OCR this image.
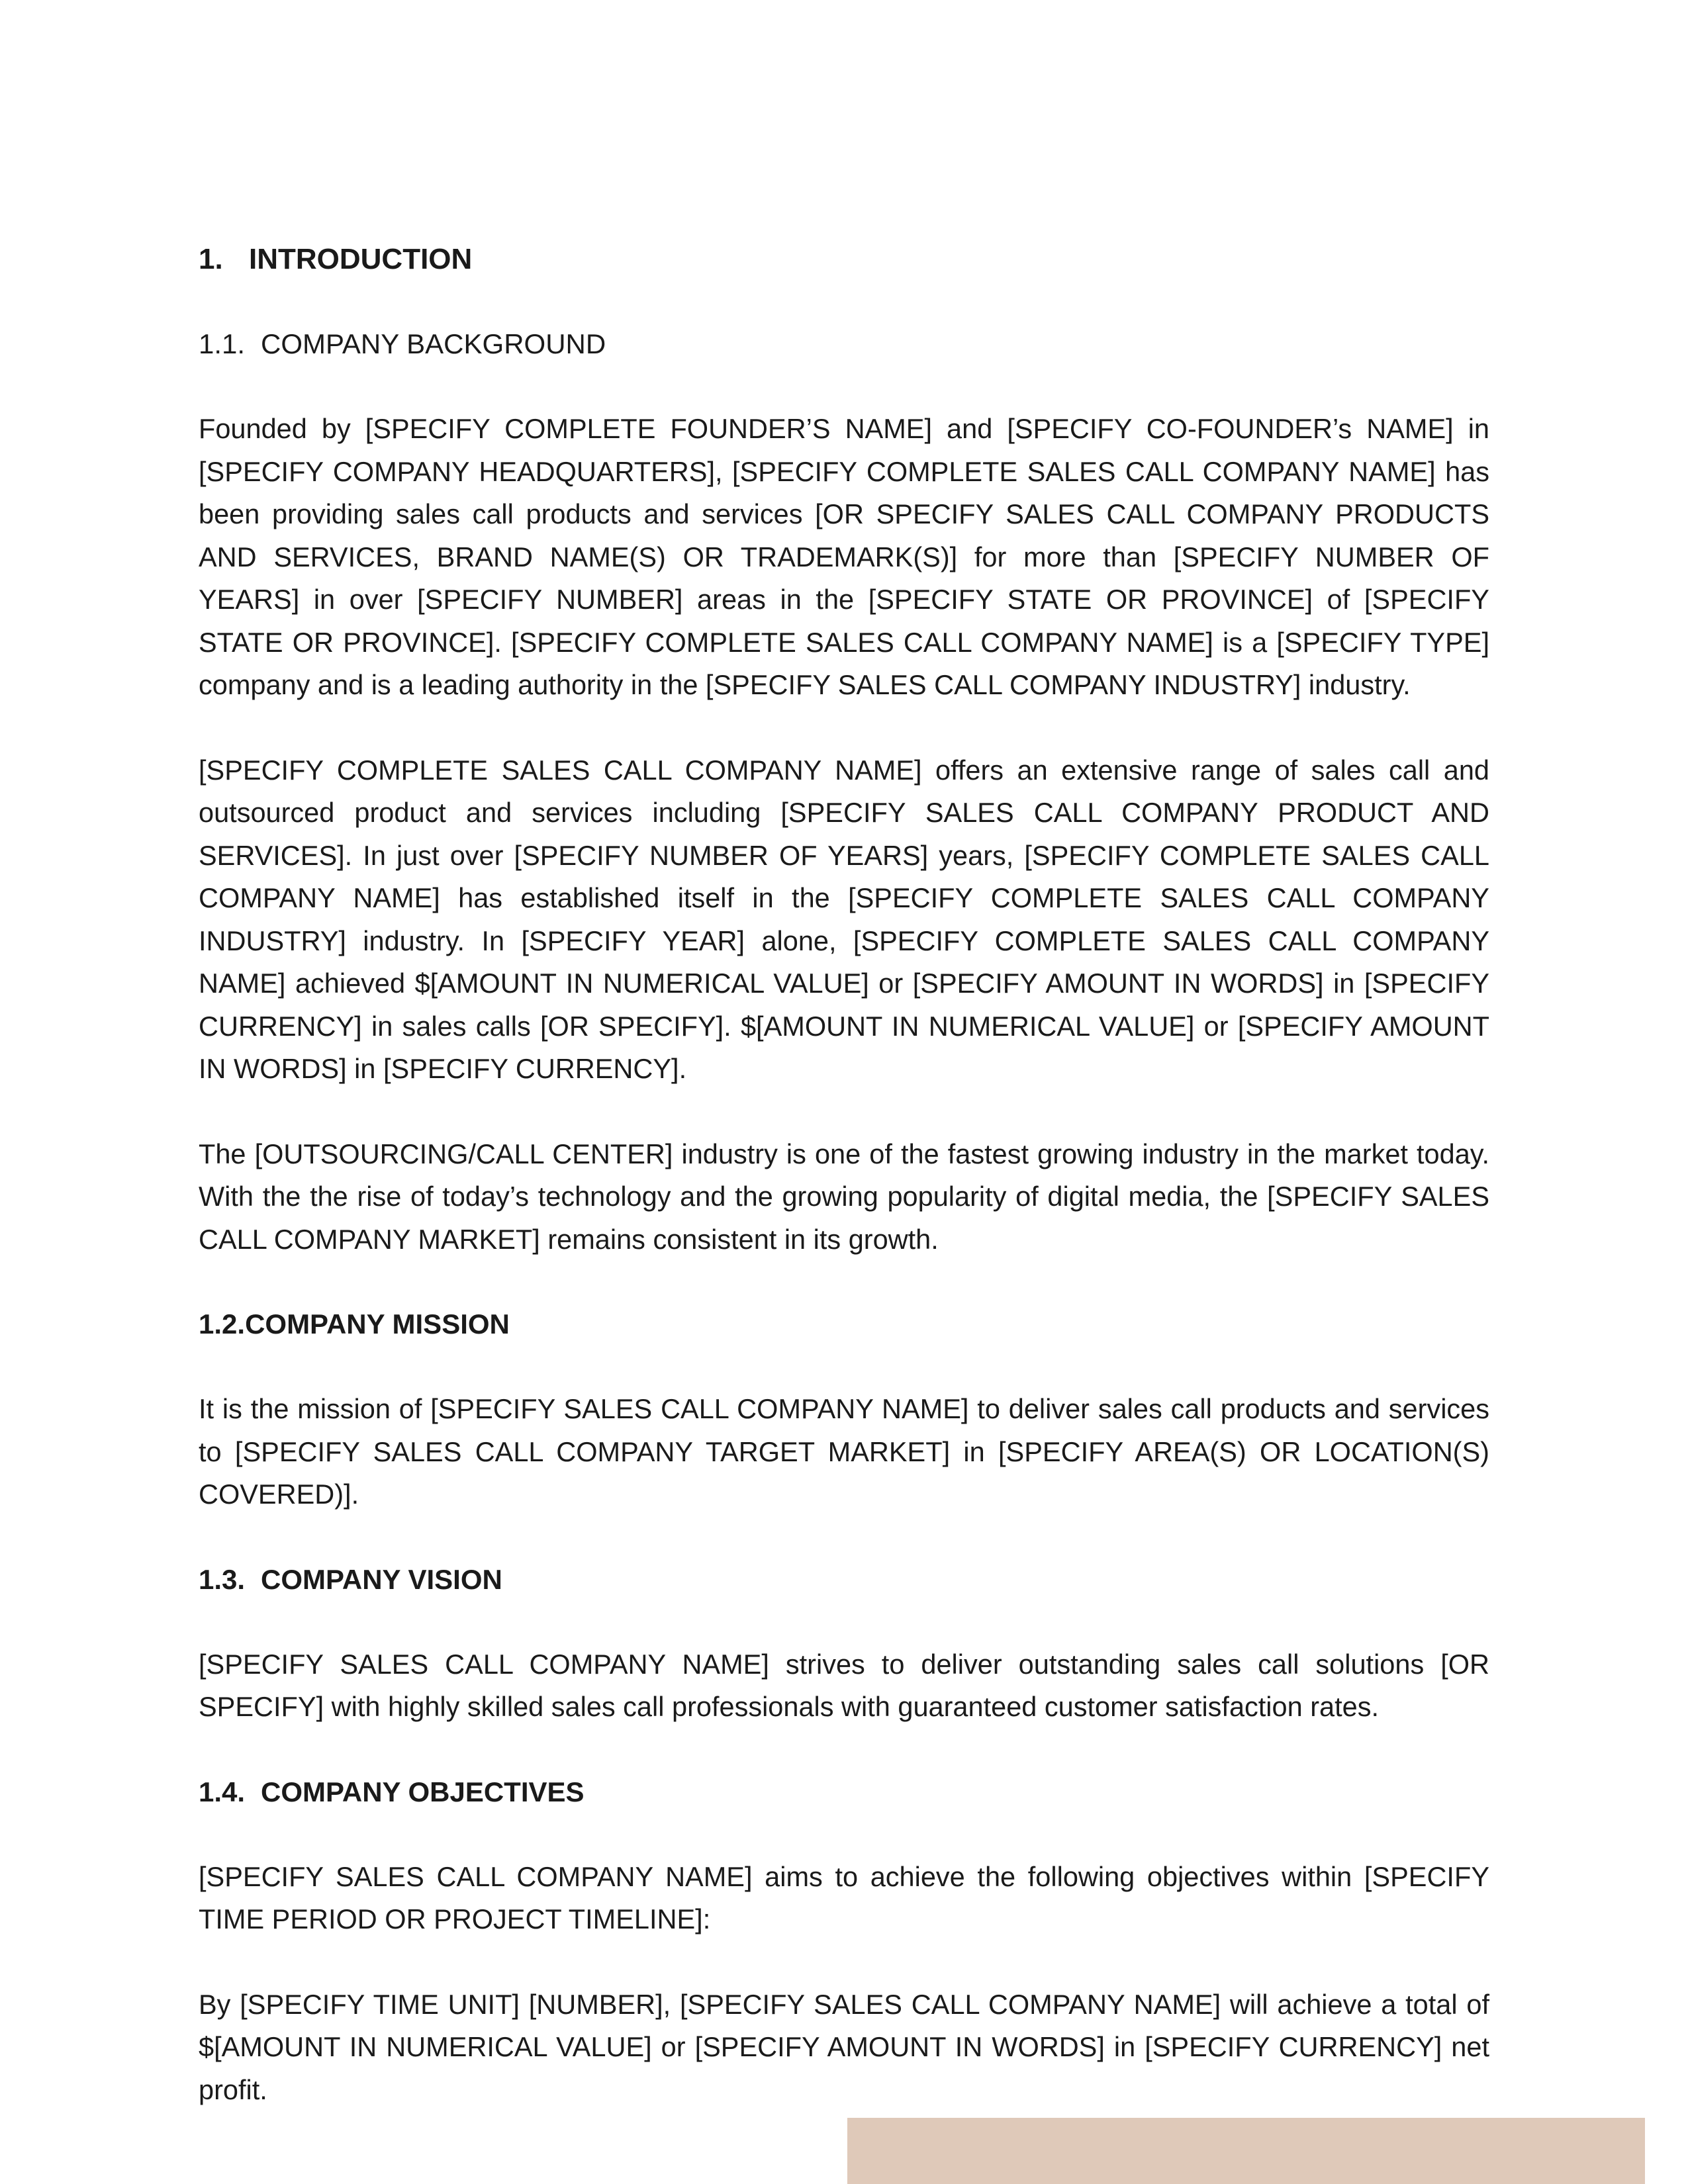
1. INTRODUCTION
1.1. COMPANY BACKGROUND

Founded by [SPECIFY COMPLETE FOUNDER’S NAME] and [SPECIFY CO-FOUNDER’s NAME] in [SPECIFY COMPANY HEADQUARTERS], [SPECIFY COMPLETE SALES CALL COMPANY NAME] has been providing sales call products and services [OR SPECIFY SALES CALL COMPANY PRODUCTS AND SERVICES, BRAND NAME(S) OR TRADEMARK(S)] for more than [SPECIFY NUMBER OF YEARS] in over [SPECIFY NUMBER] areas in the [SPECIFY STATE OR PROVINCE] of [SPECIFY STATE OR PROVINCE]. [SPECIFY COMPLETE SALES CALL COMPANY NAME] is a [SPECIFY TYPE] company and is a leading authority in the [SPECIFY SALES CALL COMPANY INDUSTRY] industry.

[SPECIFY COMPLETE SALES CALL COMPANY NAME] offers an extensive range of sales call and outsourced product and services including [SPECIFY SALES CALL COMPANY PRODUCT AND SERVICES]. In just over [SPECIFY NUMBER OF YEARS] years, [SPECIFY COMPLETE SALES CALL COMPANY NAME] has established itself in the [SPECIFY COMPLETE SALES CALL COMPANY INDUSTRY] industry. In [SPECIFY YEAR] alone, [SPECIFY COMPLETE SALES CALL COMPANY NAME] achieved $[AMOUNT IN NUMERICAL VALUE] or [SPECIFY AMOUNT IN WORDS] in [SPECIFY CURRENCY] in sales calls [OR SPECIFY]. $[AMOUNT IN NUMERICAL VALUE] or [SPECIFY AMOUNT IN WORDS] in [SPECIFY CURRENCY].

The [OUTSOURCING/CALL CENTER] industry is one of the fastest growing industry in the market today. With the the rise of today’s technology and the growing popularity of digital media, the [SPECIFY SALES CALL COMPANY MARKET] remains consistent in its growth.

1.2. COMPANY MISSION

It is the mission of [SPECIFY SALES CALL COMPANY NAME] to deliver sales call products and services to [SPECIFY SALES CALL COMPANY TARGET MARKET] in [SPECIFY AREA(S) OR LOCATION(S) COVERED)].

1.3. COMPANY VISION

[SPECIFY SALES CALL COMPANY NAME] strives to deliver outstanding sales call solutions [OR SPECIFY] with highly skilled sales call professionals with guaranteed customer satisfaction rates.

1.4. COMPANY OBJECTIVES

[SPECIFY SALES CALL COMPANY NAME] aims to achieve the following objectives within [SPECIFY TIME PERIOD OR PROJECT TIMELINE]:

By [SPECIFY TIME UNIT] [NUMBER], [SPECIFY SALES CALL COMPANY NAME] will achieve a total of $[AMOUNT IN NUMERICAL VALUE] or [SPECIFY AMOUNT IN WORDS] in [SPECIFY CURRENCY] net profit.
